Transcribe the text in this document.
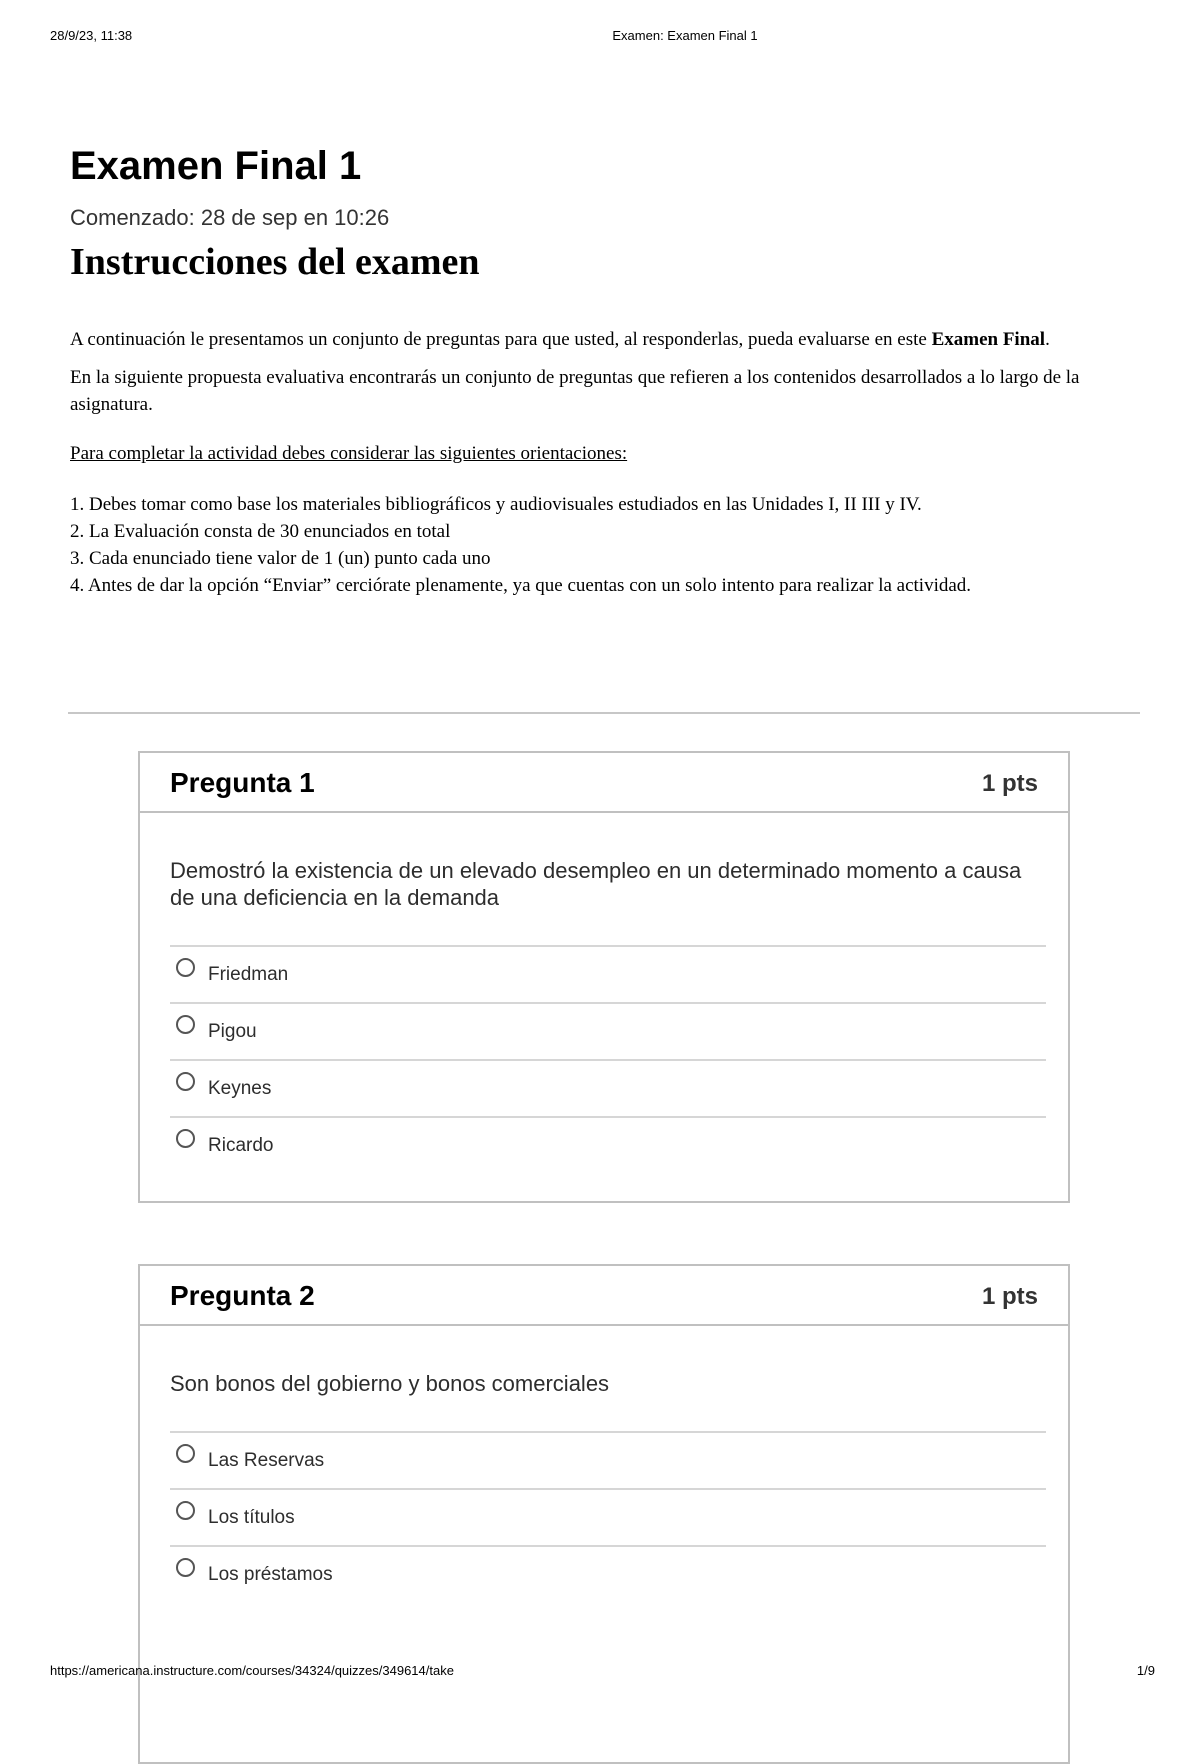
28/9/23, 11:38	Examen: Examen Final 1
Examen Final 1
Comenzado: 28 de sep en 10:26
Instrucciones del examen

A continuación le presentamos un conjunto de preguntas para que usted, al responderlas, pueda evaluarse en este Examen Final.

En la siguiente propuesta evaluativa encontrarás un conjunto de preguntas que refieren a los contenidos desarrollados a lo largo de la asignatura.

Para completar la actividad debes considerar las siguientes orientaciones:

1. Debes tomar como base los materiales bibliográficos y audiovisuales estudiados en las Unidades I, II III y IV.

2. La Evaluación consta de 30 enunciados en total

3. Cada enunciado tiene valor de 1 (un) punto cada uno

4. Antes de dar la opción “Enviar” cerciórate plenamente, ya que cuentas con un solo intento para realizar la actividad.

Pregunta 1	1 pts
Demostró la existencia de un elevado desempleo en un determinado momento a causa de una deficiencia en la demanda
Friedman
Pigou
Keynes
Ricardo
Pregunta 2	1 pts
Son bonos del gobierno y bonos comerciales
Las Reservas
Los títulos
Los préstamos
https://americana.instructure.com/courses/34324/quizzes/349614/take	1/9
